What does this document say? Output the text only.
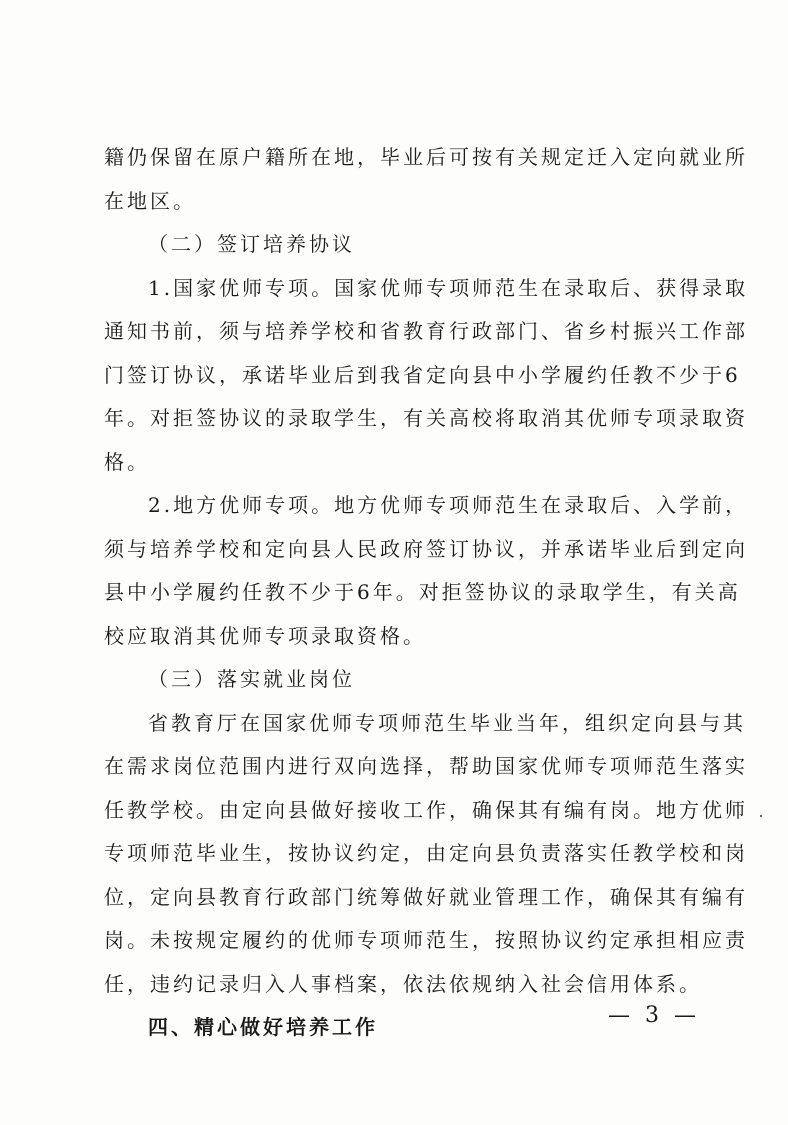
籍仍保留在原户籍所在地，毕业后可按有关规定迁入定向就业所
在地区。
（二）签订培养协议
1.国家优师专项。国家优师专项师范生在录取后、获得录取
通知书前，须与培养学校和省教育行政部门、省乡村振兴工作部
门签订协议，承诺毕业后到我省定向县中小学履约任教不少于6
年。对拒签协议的录取学生，有关高校将取消其优师专项录取资
格。
2.地方优师专项。地方优师专项师范生在录取后、入学前，
须与培养学校和定向县人民政府签订协议，并承诺毕业后到定向
县中小学履约任教不少于6年。对拒签协议的录取学生，有关高
校应取消其优师专项录取资格。
（三）落实就业岗位
省教育厅在国家优师专项师范生毕业当年，组织定向县与其
在需求岗位范围内进行双向选择，帮助国家优师专项师范生落实
任教学校。由定向县做好接收工作，确保其有编有岗。地方优师
专项师范毕业生，按协议约定，由定向县负责落实任教学校和岗
位，定向县教育行政部门统筹做好就业管理工作，确保其有编有
岗。未按规定履约的优师专项师范生，按照协议约定承担相应责
任，违约记录归入人事档案，依法依规纳入社会信用体系。
四、精心做好培养工作	— 3 —
